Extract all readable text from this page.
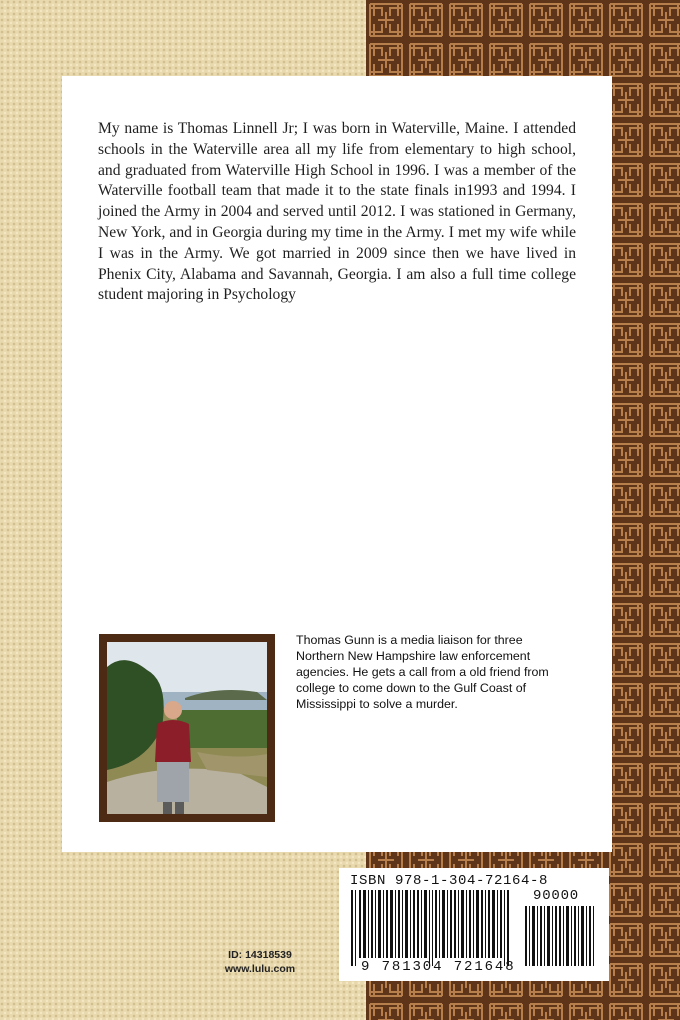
My name is Thomas Linnell Jr; I was born in Waterville, Maine. I attended schools in the Waterville area all my life from elementary to high school, and graduated from Waterville High School in 1996. I was a member of the Waterville football team that made it to the state finals in1993 and 1994. I joined the Army in 2004 and served until 2012. I was stationed in Germany, New York, and in Georgia during my time in the Army. I met my wife while I was in the Army. We got married in 2009 since then we have lived in Phenix City, Alabama and Savannah, Georgia. I am also a full time college student majoring in Psychology

Thomas Gunn is a media liaison for three Northern New Hampshire law enforcement agencies. He gets a call from a old friend from college to come down to the Gulf Coast of Mississippi to solve a murder.

ID: 14318539
www.lulu.com
ISBN 978-1-304-72164-8
90000
9 781304 721648
